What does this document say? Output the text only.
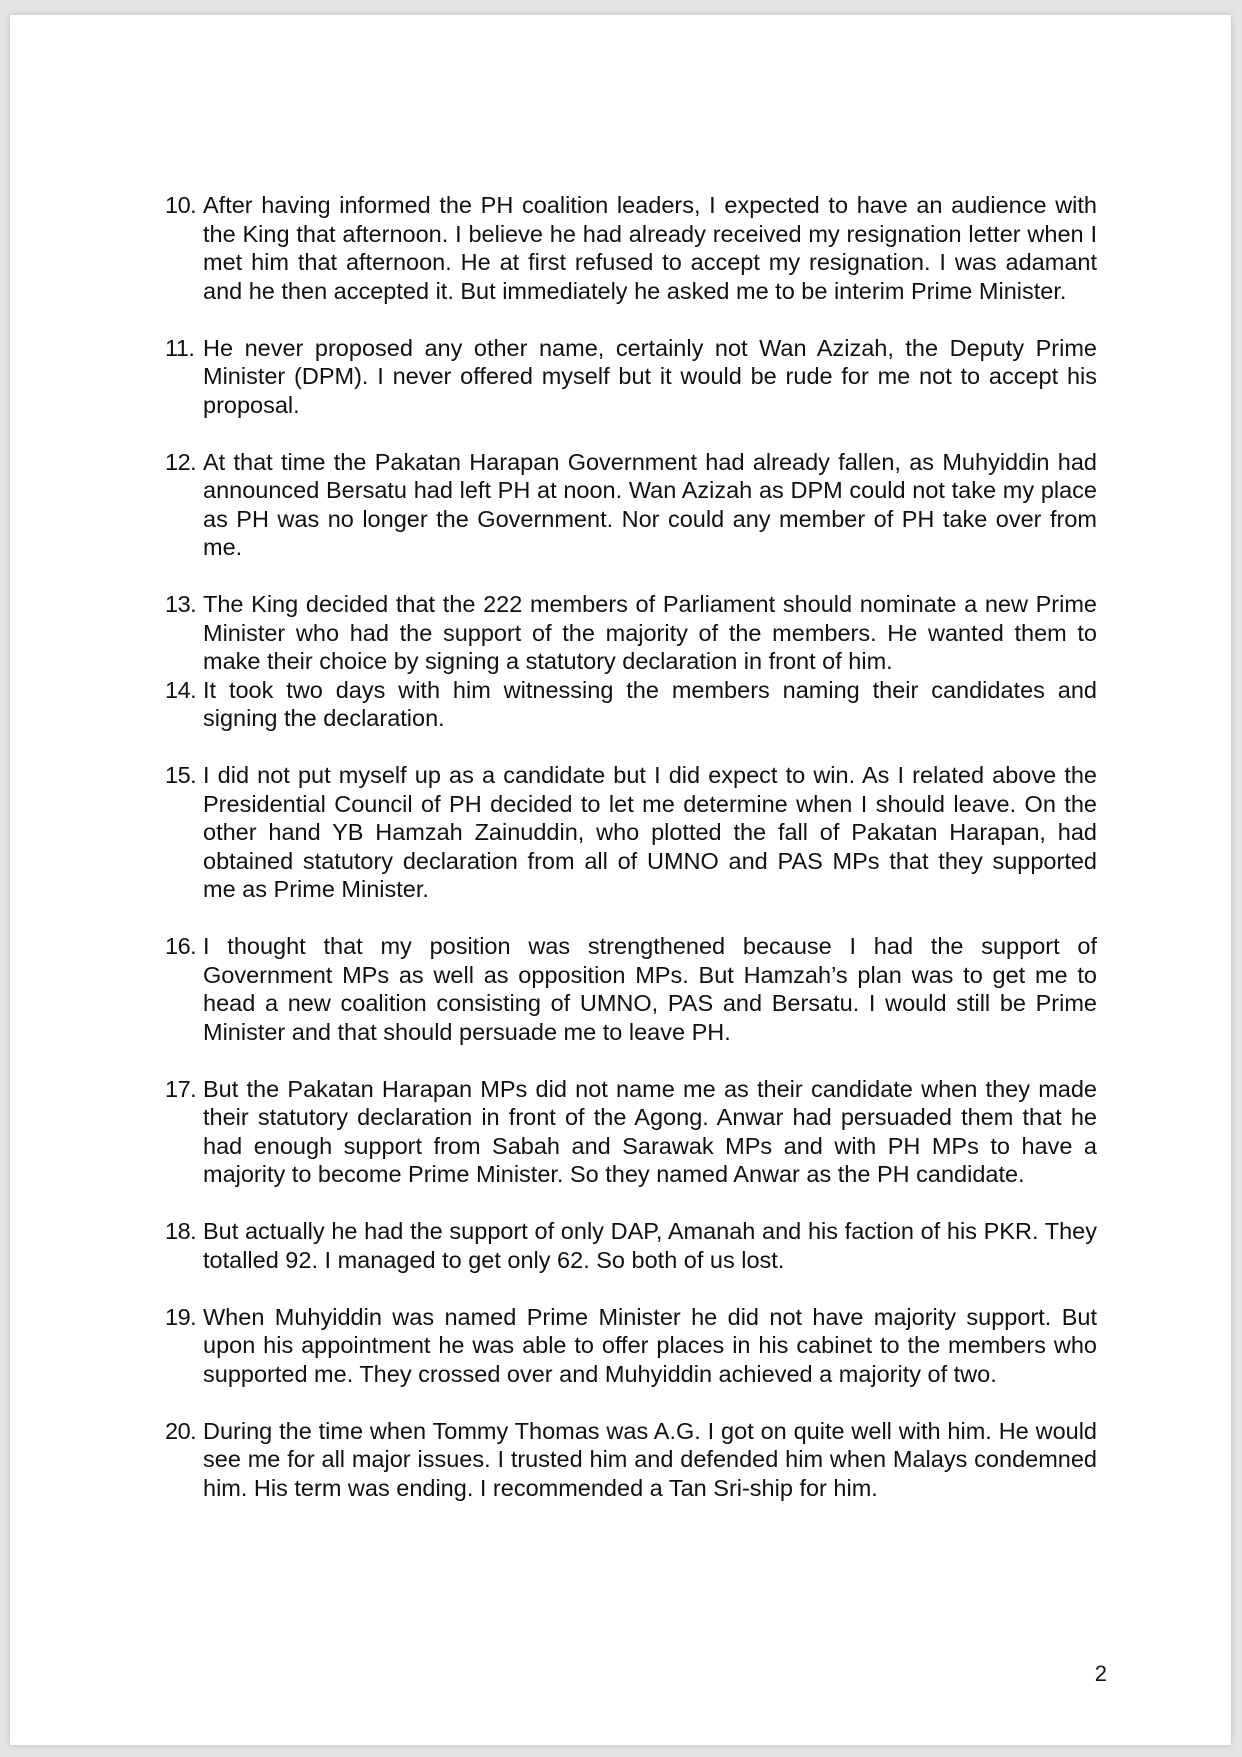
10. After having informed the PH coalition leaders, I expected to have an audience with the King that afternoon. I believe he had already received my resignation letter when I met him that afternoon. He at first refused to accept my resignation. I was adamant and he then accepted it. But immediately he asked me to be interim Prime Minister.
11. He never proposed any other name, certainly not Wan Azizah, the Deputy Prime Minister (DPM). I never offered myself but it would be rude for me not to accept his proposal.
12. At that time the Pakatan Harapan Government had already fallen, as Muhyiddin had announced Bersatu had left PH at noon. Wan Azizah as DPM could not take my place as PH was no longer the Government. Nor could any member of PH take over from me.
13. The King decided that the 222 members of Parliament should nominate a new Prime Minister who had the support of the majority of the members. He wanted them to make their choice by signing a statutory declaration in front of him.
14. It took two days with him witnessing the members naming their candidates and signing the declaration.
15. I did not put myself up as a candidate but I did expect to win. As I related above the Presidential Council of PH decided to let me determine when I should leave. On the other hand YB Hamzah Zainuddin, who plotted the fall of Pakatan Harapan, had obtained statutory declaration from all of UMNO and PAS MPs that they supported me as Prime Minister.
16. I thought that my position was strengthened because I had the support of Government MPs as well as opposition MPs. But Hamzah’s plan was to get me to head a new coalition consisting of UMNO, PAS and Bersatu. I would still be Prime Minister and that should persuade me to leave PH.
17. But the Pakatan Harapan MPs did not name me as their candidate when they made their statutory declaration in front of the Agong. Anwar had persuaded them that he had enough support from Sabah and Sarawak MPs and with PH MPs to have a majority to become Prime Minister. So they named Anwar as the PH candidate.
18. But actually he had the support of only DAP, Amanah and his faction of his PKR. They totalled 92. I managed to get only 62. So both of us lost.
19. When Muhyiddin was named Prime Minister he did not have majority support. But upon his appointment he was able to offer places in his cabinet to the members who supported me. They crossed over and Muhyiddin achieved a majority of two.
20. During the time when Tommy Thomas was A.G. I got on quite well with him. He would see me for all major issues. I trusted him and defended him when Malays condemned him. His term was ending. I recommended a Tan Sri-ship for him.
2
